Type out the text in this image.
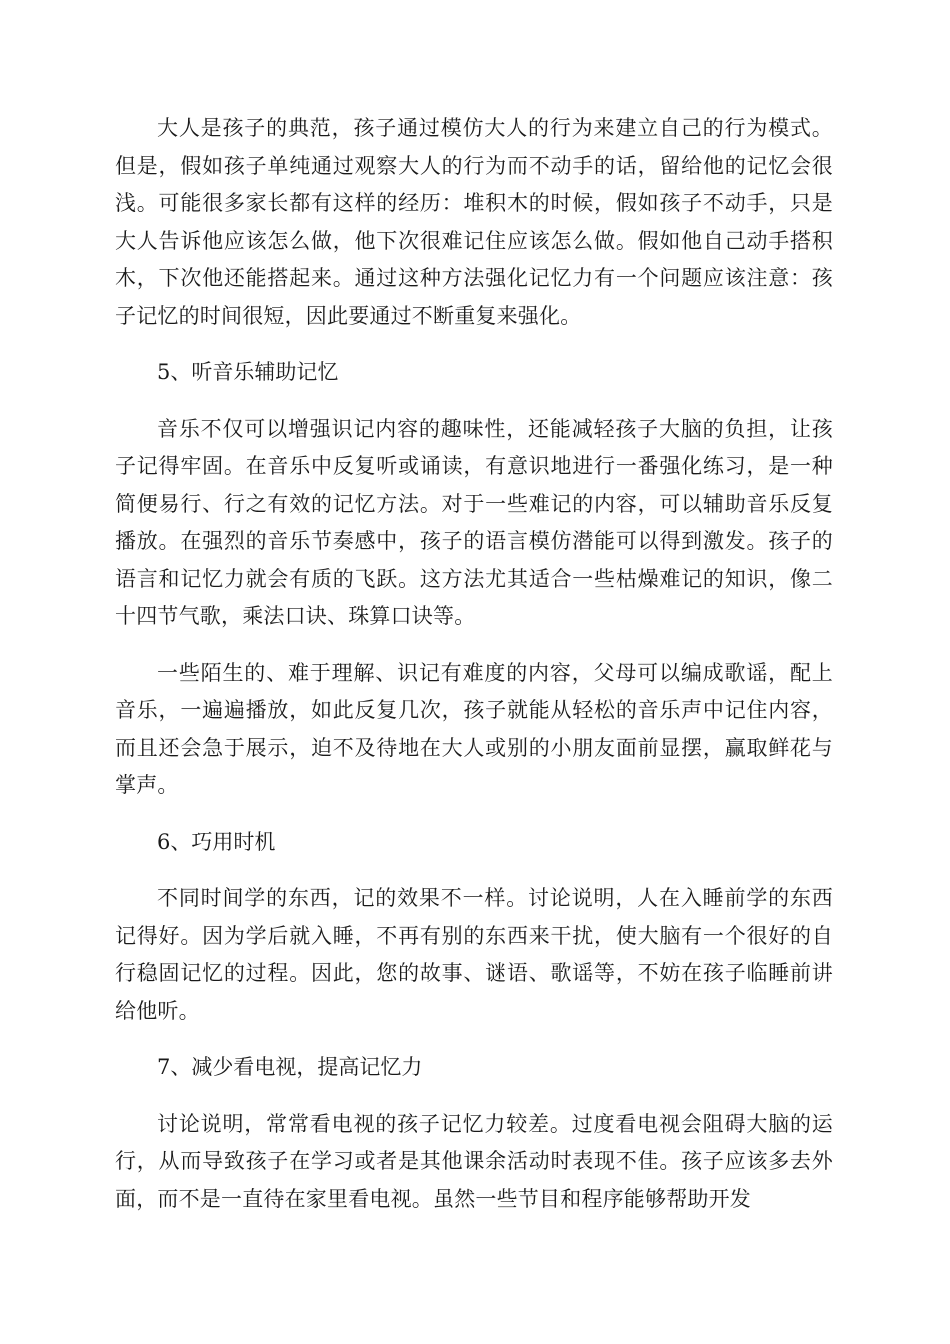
大人是孩子的典范，孩子通过模仿大人的行为来建立自己的行为模式。但是，假如孩子单纯通过观察大人的行为而不动手的话，留给他的记忆会很浅。可能很多家长都有这样的经历：堆积木的时候，假如孩子不动手，只是大人告诉他应该怎么做，他下次很难记住应该怎么做。假如他自己动手搭积木，下次他还能搭起来。通过这种方法强化记忆力有一个问题应该注意：孩子记忆的时间很短，因此要通过不断重复来强化。

5、听音乐辅助记忆

音乐不仅可以增强识记内容的趣味性，还能减轻孩子大脑的负担，让孩子记得牢固。在音乐中反复听或诵读，有意识地进行一番强化练习，是一种简便易行、行之有效的记忆方法。对于一些难记的内容，可以辅助音乐反复播放。在强烈的音乐节奏感中，孩子的语言模仿潜能可以得到激发。孩子的语言和记忆力就会有质的飞跃。这方法尤其适合一些枯燥难记的知识，像二十四节气歌，乘法口诀、珠算口诀等。

一些陌生的、难于理解、识记有难度的内容，父母可以编成歌谣，配上音乐，一遍遍播放，如此反复几次，孩子就能从轻松的音乐声中记住内容，而且还会急于展示，迫不及待地在大人或别的小朋友面前显摆，赢取鲜花与掌声。

6、巧用时机

不同时间学的东西，记的效果不一样。讨论说明，人在入睡前学的东西记得好。因为学后就入睡，不再有别的东西来干扰，使大脑有一个很好的自行稳固记忆的过程。因此，您的故事、谜语、歌谣等，不妨在孩子临睡前讲给他听。

7、减少看电视，提高记忆力

讨论说明，常常看电视的孩子记忆力较差。过度看电视会阻碍大脑的运行，从而导致孩子在学习或者是其他课余活动时表现不佳。孩子应该多去外面，而不是一直待在家里看电视。虽然一些节目和程序能够帮助开发
